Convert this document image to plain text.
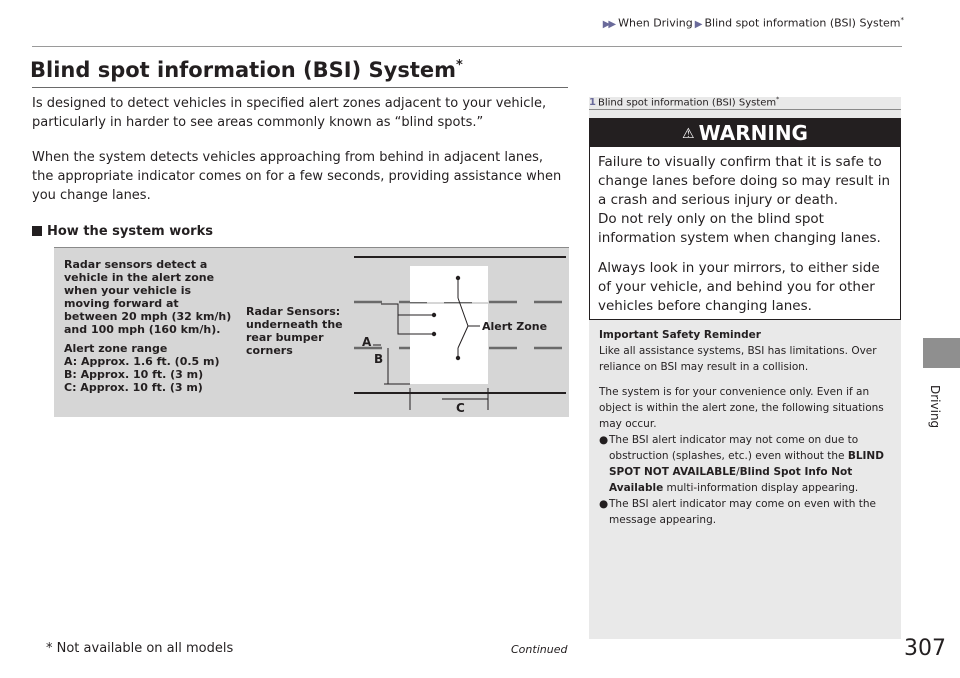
▶▶ When Driving ▶ Blind spot information (BSI) System*
Blind spot information (BSI) System*
Is designed to detect vehicles in specified alert zones adjacent to your vehicle, particularly in harder to see areas commonly known as “blind spots.”
When the system detects vehicles approaching from behind in adjacent lanes, the appropriate indicator comes on for a few seconds, providing assistance when you change lanes.
How the system works
Radar sensors detect a vehicle in the alert zone when your vehicle is moving forward at between 20 mph (32 km/h) and 100 mph (160 km/h).
Alert zone range
A: Approx. 1.6 ft. (0.5 m)
B: Approx. 10 ft. (3 m)
C: Approx. 10 ft. (3 m)
Radar Sensors: underneath the rear bumper corners
Alert Zone
A
B
C
1 Blind spot information (BSI) System*
⚠ WARNING
Failure to visually confirm that it is safe to change lanes before doing so may result in a crash and serious injury or death.
Do not rely only on the blind spot information system when changing lanes.
Always look in your mirrors, to either side of your vehicle, and behind you for other vehicles before changing lanes.
Important Safety Reminder
Like all assistance systems, BSI has limitations. Over reliance on BSI may result in a collision.
The system is for your convenience only. Even if an object is within the alert zone, the following situations may occur.
● The BSI alert indicator may not come on due to obstruction (splashes, etc.) even without the BLIND SPOT NOT AVAILABLE/Blind Spot Info Not Available multi-information display appearing.
● The BSI alert indicator may come on even with the message appearing.
Driving
* Not available on all models	Continued	307
